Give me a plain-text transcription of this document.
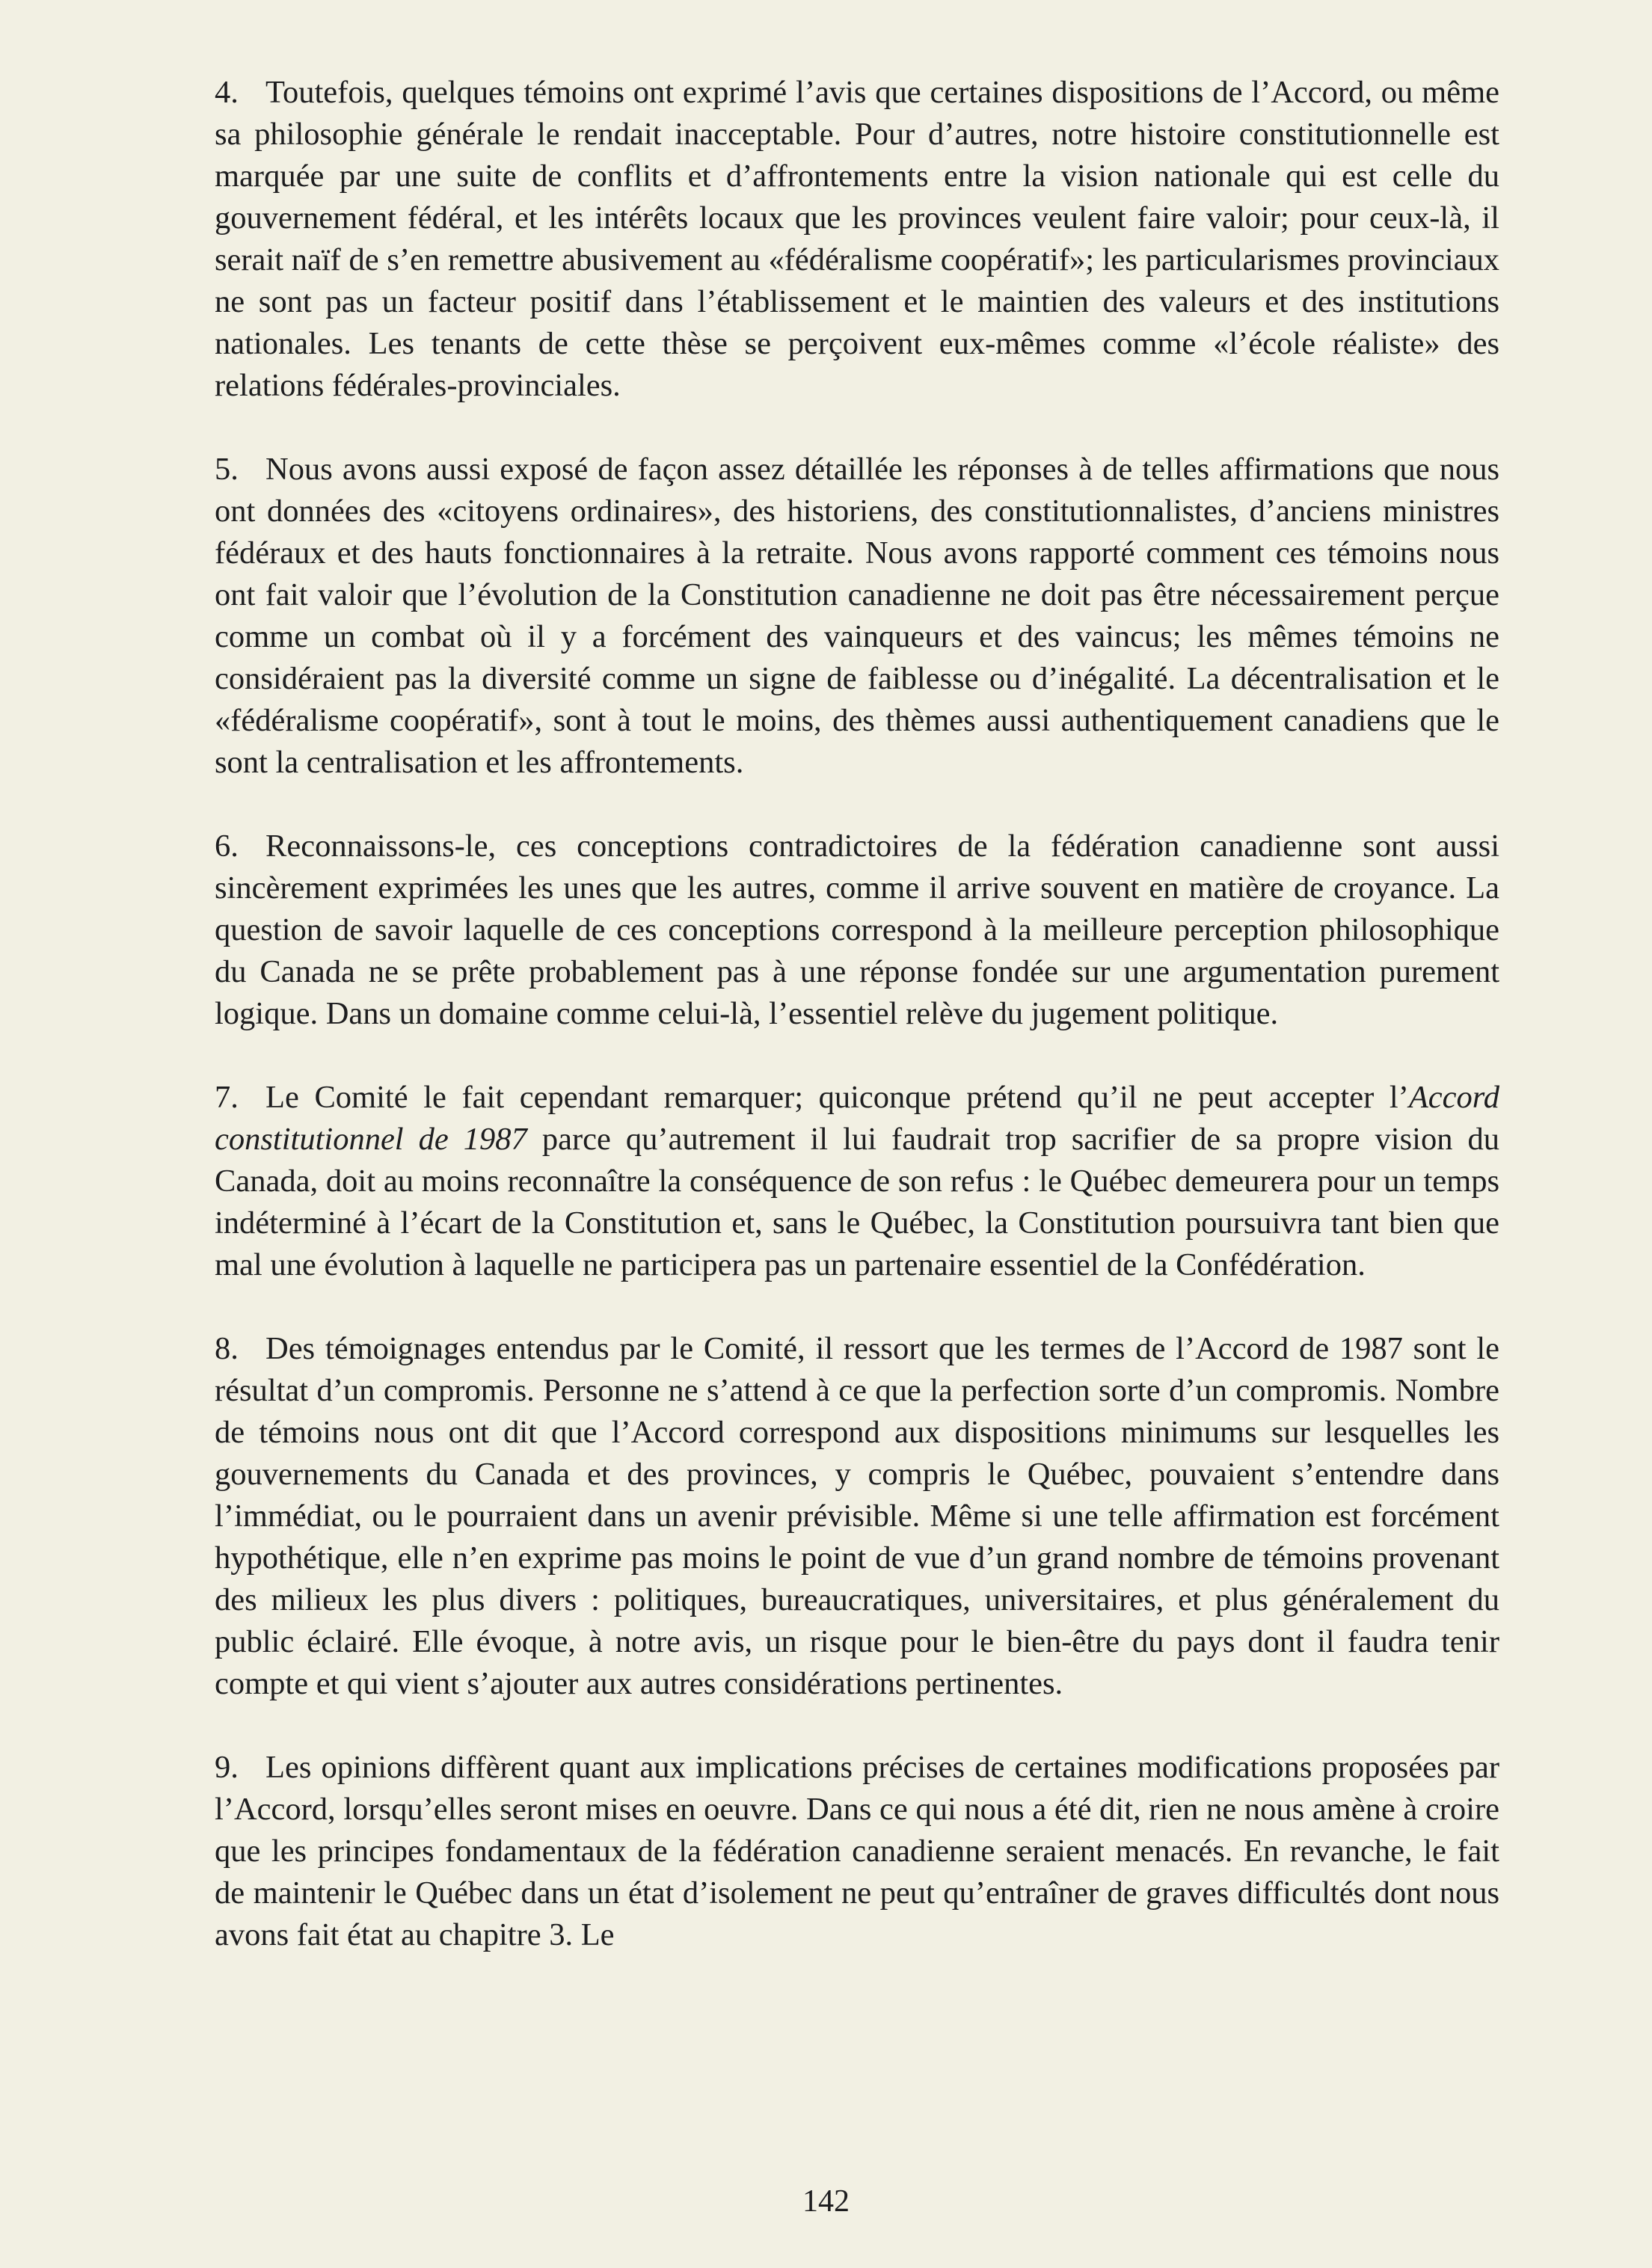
4. Toutefois, quelques témoins ont exprimé l’avis que certaines dispositions de l’Accord, ou même sa philosophie générale le rendait inacceptable. Pour d’autres, notre histoire constitutionnelle est marquée par une suite de conflits et d’affrontements entre la vision nationale qui est celle du gouvernement fédéral, et les intérêts locaux que les provinces veulent faire valoir; pour ceux-là, il serait naïf de s’en remettre abusivement au «fédéralisme coopératif»; les particularismes provinciaux ne sont pas un facteur positif dans l’établissement et le maintien des valeurs et des institutions nationales. Les tenants de cette thèse se perçoivent eux-mêmes comme «l’école réaliste» des relations fédérales-provinciales.

5. Nous avons aussi exposé de façon assez détaillée les réponses à de telles affirmations que nous ont données des «citoyens ordinaires», des historiens, des constitutionnalistes, d’anciens ministres fédéraux et des hauts fonctionnaires à la retraite. Nous avons rapporté comment ces témoins nous ont fait valoir que l’évolution de la Constitution canadienne ne doit pas être nécessairement perçue comme un combat où il y a forcément des vainqueurs et des vaincus; les mêmes témoins ne considéraient pas la diversité comme un signe de faiblesse ou d’inégalité. La décentralisation et le «fédéralisme coopératif», sont à tout le moins, des thèmes aussi authentiquement canadiens que le sont la centralisation et les affrontements.

6. Reconnaissons-le, ces conceptions contradictoires de la fédération canadienne sont aussi sincèrement exprimées les unes que les autres, comme il arrive souvent en matière de croyance. La question de savoir laquelle de ces conceptions correspond à la meilleure perception philosophique du Canada ne se prête probablement pas à une réponse fondée sur une argumentation purement logique. Dans un domaine comme celui-là, l’essentiel relève du jugement politique.

7. Le Comité le fait cependant remarquer; quiconque prétend qu’il ne peut accepter l’Accord constitutionnel de 1987 parce qu’autrement il lui faudrait trop sacrifier de sa propre vision du Canada, doit au moins reconnaître la conséquence de son refus : le Québec demeurera pour un temps indéterminé à l’écart de la Constitution et, sans le Québec, la Constitution poursuivra tant bien que mal une évolution à laquelle ne participera pas un partenaire essentiel de la Confédération.

8. Des témoignages entendus par le Comité, il ressort que les termes de l’Accord de 1987 sont le résultat d’un compromis. Personne ne s’attend à ce que la perfection sorte d’un compromis. Nombre de témoins nous ont dit que l’Accord correspond aux dispositions minimums sur lesquelles les gouvernements du Canada et des provinces, y compris le Québec, pouvaient s’entendre dans l’immédiat, ou le pourraient dans un avenir prévisible. Même si une telle affirmation est forcément hypothétique, elle n’en exprime pas moins le point de vue d’un grand nombre de témoins provenant des milieux les plus divers : politiques, bureaucratiques, universitaires, et plus généralement du public éclairé. Elle évoque, à notre avis, un risque pour le bien-être du pays dont il faudra tenir compte et qui vient s’ajouter aux autres considérations pertinentes.

9. Les opinions diffèrent quant aux implications précises de certaines modifications proposées par l’Accord, lorsqu’elles seront mises en oeuvre. Dans ce qui nous a été dit, rien ne nous amène à croire que les principes fondamentaux de la fédération canadienne seraient menacés. En revanche, le fait de maintenir le Québec dans un état d’isolement ne peut qu’entraîner de graves difficultés dont nous avons fait état au chapitre 3. Le

142
